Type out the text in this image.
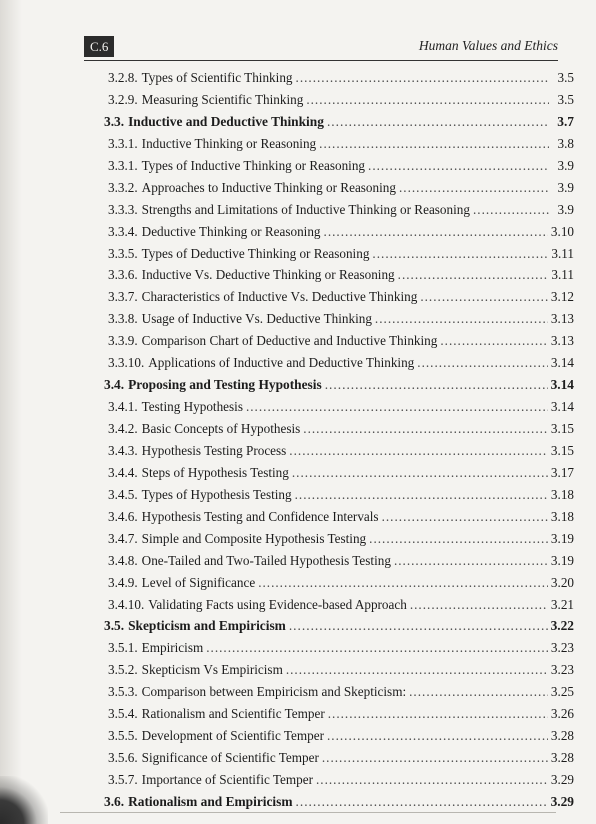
C.6	Human Values and Ethics
3.2.8. Types of Scientific Thinking .....	3.5
3.2.9. Measuring Scientific Thinking .....	3.5
3.3. Inductive and Deductive Thinking .....	3.7
3.3.1. Inductive Thinking or Reasoning .....	3.8
3.3.1. Types of Inductive Thinking or Reasoning .....	3.9
3.3.2. Approaches to Inductive Thinking or Reasoning .....	3.9
3.3.3. Strengths and Limitations of Inductive Thinking or Reasoning .....	3.9
3.3.4. Deductive Thinking or Reasoning .....	3.10
3.3.5. Types of Deductive Thinking or Reasoning .....	3.11
3.3.6. Inductive Vs. Deductive Thinking or Reasoning .....	3.11
3.3.7. Characteristics of Inductive Vs. Deductive Thinking .....	3.12
3.3.8. Usage of Inductive Vs. Deductive Thinking .....	3.13
3.3.9. Comparison Chart of Deductive and Inductive Thinking .....	3.13
3.3.10. Applications of Inductive and Deductive Thinking .....	3.14
3.4. Proposing and Testing Hypothesis .....	3.14
3.4.1. Testing Hypothesis .....	3.14
3.4.2. Basic Concepts of Hypothesis .....	3.15
3.4.3. Hypothesis Testing Process .....	3.15
3.4.4. Steps of Hypothesis Testing .....	3.17
3.4.5. Types of Hypothesis Testing .....	3.18
3.4.6. Hypothesis Testing and Confidence Intervals .....	3.18
3.4.7. Simple and Composite Hypothesis Testing .....	3.19
3.4.8. One-Tailed and Two-Tailed Hypothesis Testing .....	3.19
3.4.9. Level of Significance .....	3.20
3.4.10. Validating Facts using Evidence-based Approach .....	3.21
3.5. Skepticism and Empiricism .....	3.22
3.5.1. Empiricism .....	3.23
3.5.2. Skepticism Vs Empiricism .....	3.23
3.5.3. Comparison between Empiricism and Skepticism: .....	3.25
3.5.4. Rationalism and Scientific Temper .....	3.26
3.5.5. Development of Scientific Temper .....	3.28
3.5.6. Significance of Scientific Temper .....	3.28
3.5.7. Importance of Scientific Temper .....	3.29
3.6. Rationalism and Empiricism .....	3.29
